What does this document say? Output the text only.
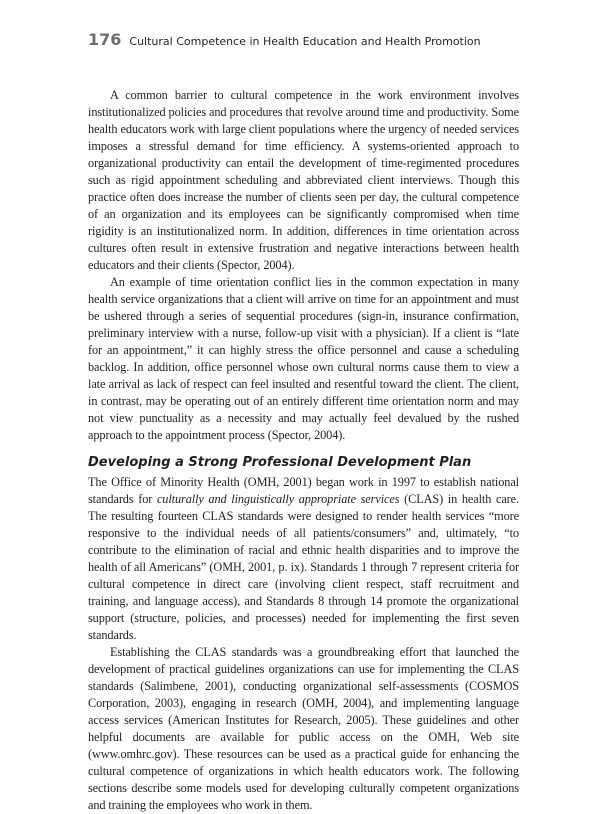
176 Cultural Competence in Health Education and Health Promotion

A common barrier to cultural competence in the work environment involves institutionalized policies and procedures that revolve around time and productivity. Some health educators work with large client populations where the urgency of needed services imposes a stressful demand for time efficiency. A systems-oriented approach to organizational productivity can entail the development of time-regimented procedures such as rigid appointment scheduling and abbreviated client interviews. Though this practice often does increase the number of clients seen per day, the cultural competence of an organization and its employees can be significantly compromised when time rigidity is an institutionalized norm. In addition, differences in time orientation across cultures often result in extensive frustration and negative interactions between health educators and their clients (Spector, 2004).

An example of time orientation conflict lies in the common expectation in many health service organizations that a client will arrive on time for an appointment and must be ushered through a series of sequential procedures (sign-in, insurance confirmation, preliminary interview with a nurse, follow-up visit with a physician). If a client is “late for an appointment,” it can highly stress the office personnel and cause a scheduling backlog. In addition, office personnel whose own cultural norms cause them to view a late arrival as lack of respect can feel insulted and resentful toward the client. The client, in contrast, may be operating out of an entirely different time orientation norm and may not view punctuality as a necessity and may actually feel devalued by the rushed approach to the appointment process (Spector, 2004).

Developing a Strong Professional Development Plan

The Office of Minority Health (OMH, 2001) began work in 1997 to establish national standards for culturally and linguistically appropriate services (CLAS) in health care. The resulting fourteen CLAS standards were designed to render health services “more responsive to the individual needs of all patients/consumers” and, ultimately, “to contribute to the elimination of racial and ethnic health disparities and to improve the health of all Americans” (OMH, 2001, p. ix). Standards 1 through 7 represent criteria for cultural competence in direct care (involving client respect, staff recruitment and training, and language access), and Standards 8 through 14 promote the organizational support (structure, policies, and processes) needed for implementing the first seven standards.

Establishing the CLAS standards was a groundbreaking effort that launched the development of practical guidelines organizations can use for implementing the CLAS standards (Salimbene, 2001), conducting organizational self-assessments (COSMOS Corporation, 2003), engaging in research (OMH, 2004), and implementing language access services (American Institutes for Research, 2005). These guidelines and other helpful documents are available for public access on the OMH, Web site (www.omhrc.gov). These resources can be used as a practical guide for enhancing the cultural competence of organizations in which health educators work. The following sections describe some models used for developing culturally competent organizations and training the employees who work in them.
